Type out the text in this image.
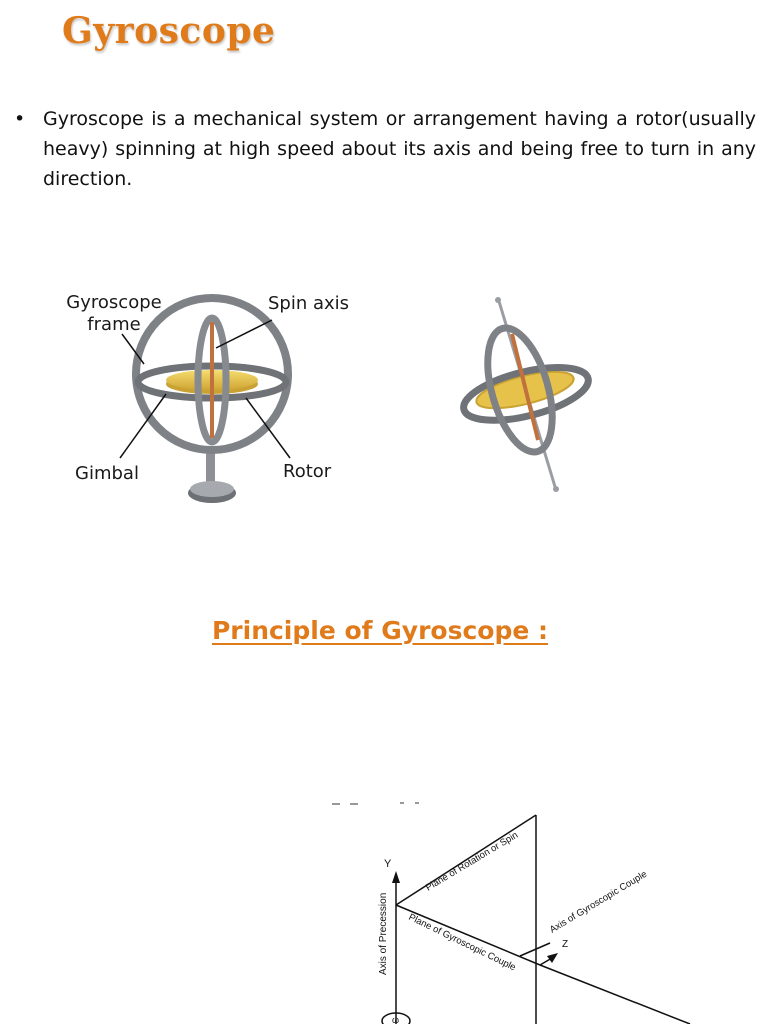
Gyroscope
• Gyroscope is a mechanical system or arrangement having a rotor(usually heavy) spinning at high speed about its axis and being free to turn in any direction.
Gyroscope
frame
Spin axis
Gimbal	Rotor
Principle of Gyroscope :
Y
Axis of Precession
Plane of Rotation or Spin
Plane of Gyroscopic Couple	Z
Axis of Gyroscopic Couple
ω
